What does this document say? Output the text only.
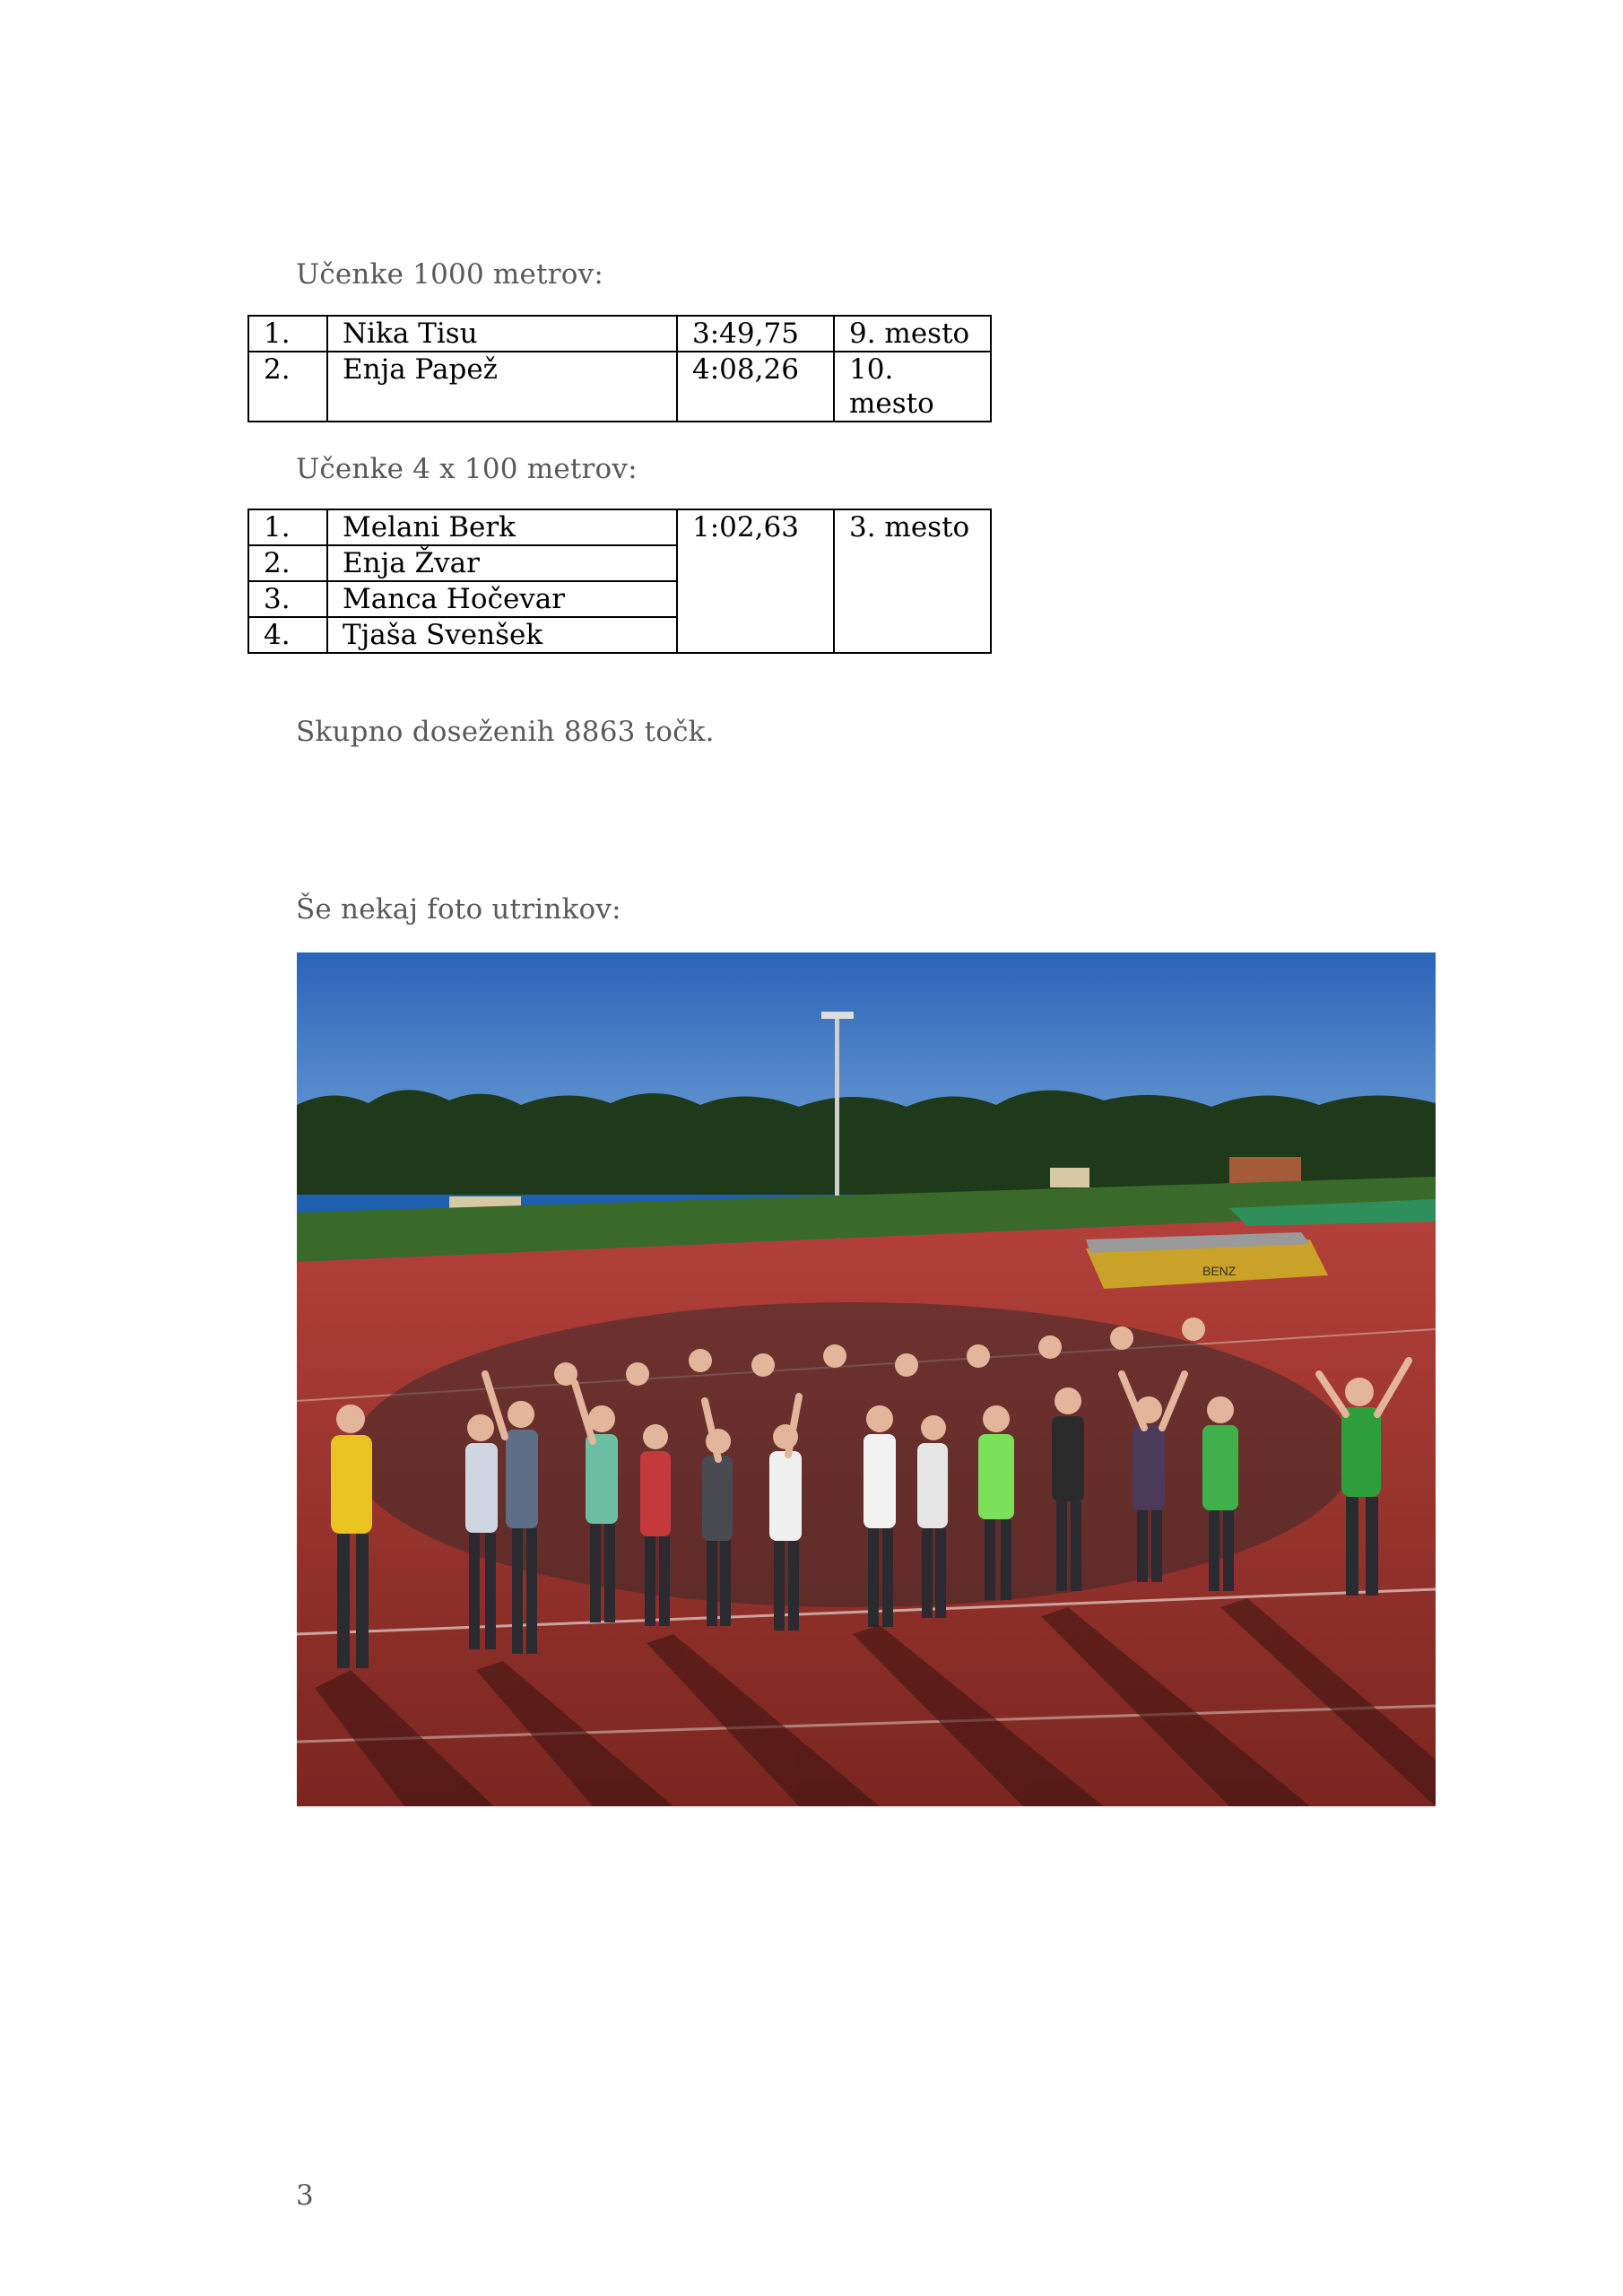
Učenke 1000 metrov:

1.	Nika Tisu	3:49,75	9. mesto
2.	Enja Papež	4:08,26	10. mesto

Učenke 4 x 100 metrov:

1.	Melani Berk	1:02,63	3. mesto
2.	Enja Žvar		
3.	Manca Hočevar		
4.	Tjaša Svenšek		

Skupno doseženih 8863 točk.

Še nekaj foto utrinkov:

BENZ
3
